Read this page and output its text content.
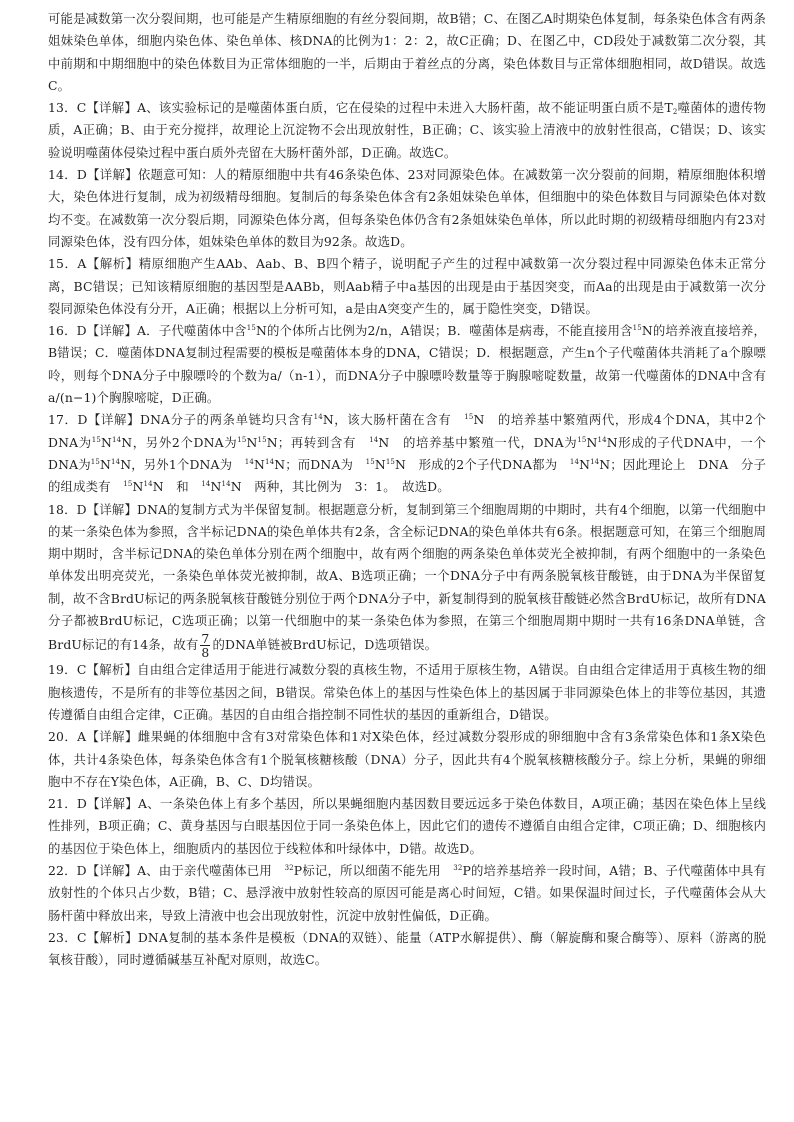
可能是减数第一次分裂间期，也可能是产生精原细胞的有丝分裂间期，故B错；C、在图乙A时期染色体复制，每条染色体含有两条姐妹染色单体，细胞内染色体、染色单体、核DNA的比例为1：2：2，故C正确；D、在图乙中，CD段处于减数第二次分裂，其中前期和中期细胞中的染色体数目为正常体细胞的一半，后期由于着丝点的分离，染色体数目与正常体细胞相同，故D错误。故选C。

13．C【详解】A、该实验标记的是噬菌体蛋白质，它在侵染的过程中未进入大肠杆菌，故不能证明蛋白质不是$T_2$噬菌体的遗传物质，A正确；B、由于充分搅拌，故理论上沉淀物不会出现放射性，B正确；C、该实验上清液中的放射性很高，C错误；D、该实验说明噬菌体侵染过程中蛋白质外壳留在大肠杆菌外部，D正确。故选C。

14．D【详解】依题意可知：人的精原细胞中共有46条染色体、23对同源染色体。在减数第一次分裂前的间期，精原细胞体积增大，染色体进行复制，成为初级精母细胞。复制后的每条染色体含有2条姐妹染色单体，但细胞中的染色体数目与同源染色体对数均不变。在减数第一次分裂后期，同源染色体分离，但每条染色体仍含有2条姐妹染色单体，所以此时期的初级精母细胞内有23对同源染色体，没有四分体，姐妹染色单体的数目为92条。故选D。

15．A【解析】精原细胞产生AAb、Aab、B、B四个精子，说明配子产生的过程中减数第一次分裂过程中同源染色体未正常分离，BC错误；已知该精原细胞的基因型是AABb，则Aab精子中a基因的出现是由于基因突变，而Aa的出现是由于减数第一次分裂同源染色体没有分开，A正确；根据以上分析可知，a是由A突变产生的，属于隐性突变，D错误。

16．D【详解】A．子代噬菌体中含$^{15}$N的个体所占比例为2/n，A错误；B．噬菌体是病毒，不能直接用含$^{15}$N的培养液直接培养，B错误；C．噬菌体DNA复制过程需要的模板是噬菌体本身的DNA，C错误；D．根据题意，产生n个子代噬菌体共消耗了a个腺嘌呤，则每个DNA分子中腺嘌呤的个数为a/（n-1），而DNA分子中腺嘌呤数量等于胸腺嘧啶数量，故第一代噬菌体的DNA中含有a/(n−1)个胸腺嘧啶，D正确。

17．D【详解】DNA分子的两条单链均只含有$^{14}$N，该大肠杆菌在含有　$^{15}$N　的培养基中繁殖两代，形成4个DNA，其中2个DNA为$^{15}N^{14}N$，另外2个DNA为$^{15}N^{15}N$；再转到含有　$^{14}$N　的培养基中繁殖一代，DNA为$^{15}N^{14}N$形成的子代DNA中，一个DNA为$^{15}N^{14}N$，另外1个DNA为　$^{14}N^{14}N$；而DNA为　$^{15}N^{15}N$　形成的2个子代DNA都为　$^{14}N^{14}N$；因此理论上　DNA　分子的组成类有　$^{15}N^{14}N$　和　$^{14}N^{14}N$　两种，其比例为　3：1。　故选D。

18．D【详解】DNA的复制方式为半保留复制。根据题意分析，复制到第三个细胞周期的中期时，共有4个细胞，以第一代细胞中的某一条染色体为参照，含半标记DNA的染色单体共有2条，含全标记DNA的染色单体共有6条。根据题意可知，在第三个细胞周期中期时，含半标记DNA的染色单体分别在两个细胞中，故有两个细胞的两条染色单体荧光全被抑制，有两个细胞中的一条染色单体发出明亮荧光，一条染色单体荧光被抑制，故A、B选项正确；一个DNA分子中有两条脱氧核苷酸链，由于DNA为半保留复制，故不含BrdU标记的两条脱氧核苷酸链分别位于两个DNA分子中，新复制得到的脱氧核苷酸链必然含BrdU标记，故所有DNA分子都被BrdU标记，C选项正确；以第一代细胞中的某一条染色体为参照，在第三个细胞周期中期时一共有16条DNA单链，含BrdU标记的有14条，故有 $\frac{7}{8}$ 的DNA单链被BrdU标记，D选项错误。

19．C【解析】自由组合定律适用于能进行减数分裂的真核生物，不适用于原核生物，A错误。自由组合定律适用于真核生物的细胞核遗传，不是所有的非等位基因之间，B错误。常染色体上的基因与性染色体上的基因属于非同源染色体上的非等位基因，其遗传遵循自由组合定律，C正确。基因的自由组合指控制不同性状的基因的重新组合，D错误。

20．A【详解】雌果蝇的体细胞中含有3对常染色体和1对X染色体，经过减数分裂形成的卵细胞中含有3条常染色体和1条X染色体，共计4条染色体，每条染色体含有1个脱氧核糖核酸（DNA）分子，因此共有4个脱氧核糖核酸分子。综上分析，果蝇的卵细胞中不存在Y染色体，A正确，B、C、D均错误。

21．D【详解】A、一条染色体上有多个基因，所以果蝇细胞内基因数目要远远多于染色体数目，A项正确；基因在染色体上呈线性排列，B项正确；C、黄身基因与白眼基因位于同一条染色体上，因此它们的遗传不遵循自由组合定律，C项正确；D、细胞核内的基因位于染色体上，细胞质内的基因位于线粒体和叶绿体中，D错。故选D。

22．D【详解】A、由于亲代噬菌体已用　$^{32}$P标记，所以细菌不能先用　$^{32}$P的培养基培养一段时间，A错；B、子代噬菌体中具有放射性的个体只占少数，B错；C、悬浮液中放射性较高的原因可能是离心时间短，C错。如果保温时间过长，子代噬菌体会从大肠杆菌中释放出来，导致上清液中也会出现放射性，沉淀中放射性偏低，D正确。

23．C【解析】DNA复制的基本条件是模板（DNA的双链）、能量（ATP水解提供）、酶（解旋酶和聚合酶等）、原料（游离的脱氧核苷酸），同时遵循碱基互补配对原则，故选C。
